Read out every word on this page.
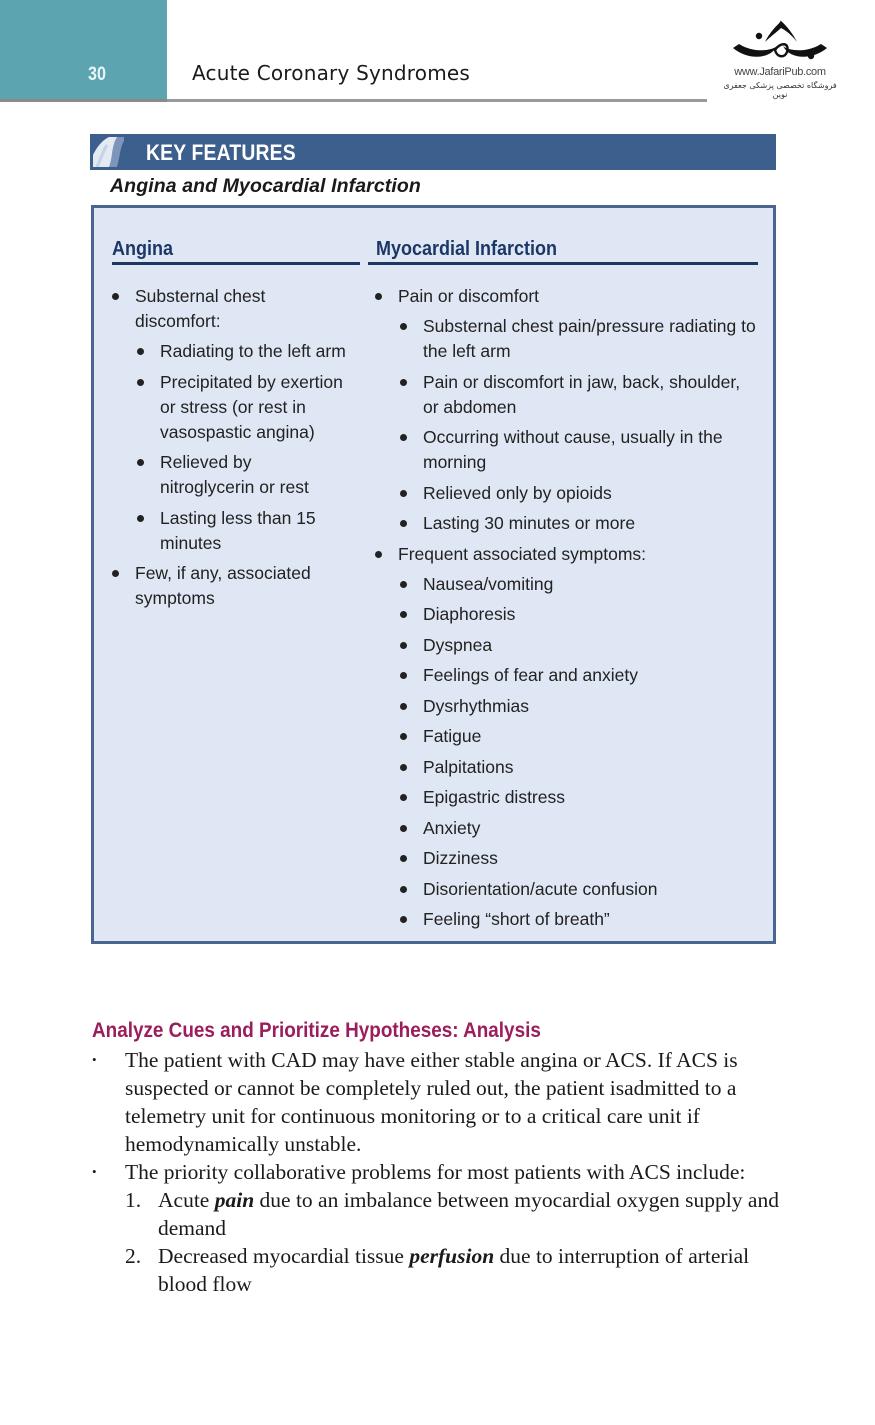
30	Acute Coronary Syndromes	www.JafariPub.com
فروشگاه تخصصی پزشکی جعفری نوین
KEY FEATURES
Angina and Myocardial Infarction
Angina
Substernal chest discomfort:
Radiating to the left arm
Precipitated by exertion or stress (or rest in vasospastic angina)
Relieved by nitroglycerin or rest
Lasting less than 15 minutes
Few, if any, associated symptoms
Myocardial Infarction
Pain or discomfort
Substernal chest pain/pressure radiating to the left arm
Pain or discomfort in jaw, back, shoulder, or abdomen
Occurring without cause, usually in the morning
Relieved only by opioids
Lasting 30 minutes or more
Frequent associated symptoms:
Nausea/vomiting
Diaphoresis
Dyspnea
Feelings of fear and anxiety
Dysrhythmias
Fatigue
Palpitations
Epigastric distress
Anxiety
Dizziness
Disorientation/acute confusion
Feeling “short of breath”
Analyze Cues and Prioritize Hypotheses: Analysis
• The patient with CAD may have either stable angina or ACS. If ACS is suspected or cannot be completely ruled out, the patient isadmitted to a telemetry unit for continuous monitoring or to a critical care unit if hemodynamically unstable.
• The priority collaborative problems for most patients with ACS include:
1. Acute pain due to an imbalance between myocardial oxygen supply and demand
2. Decreased myocardial tissue perfusion due to interruption of arterial blood flow
